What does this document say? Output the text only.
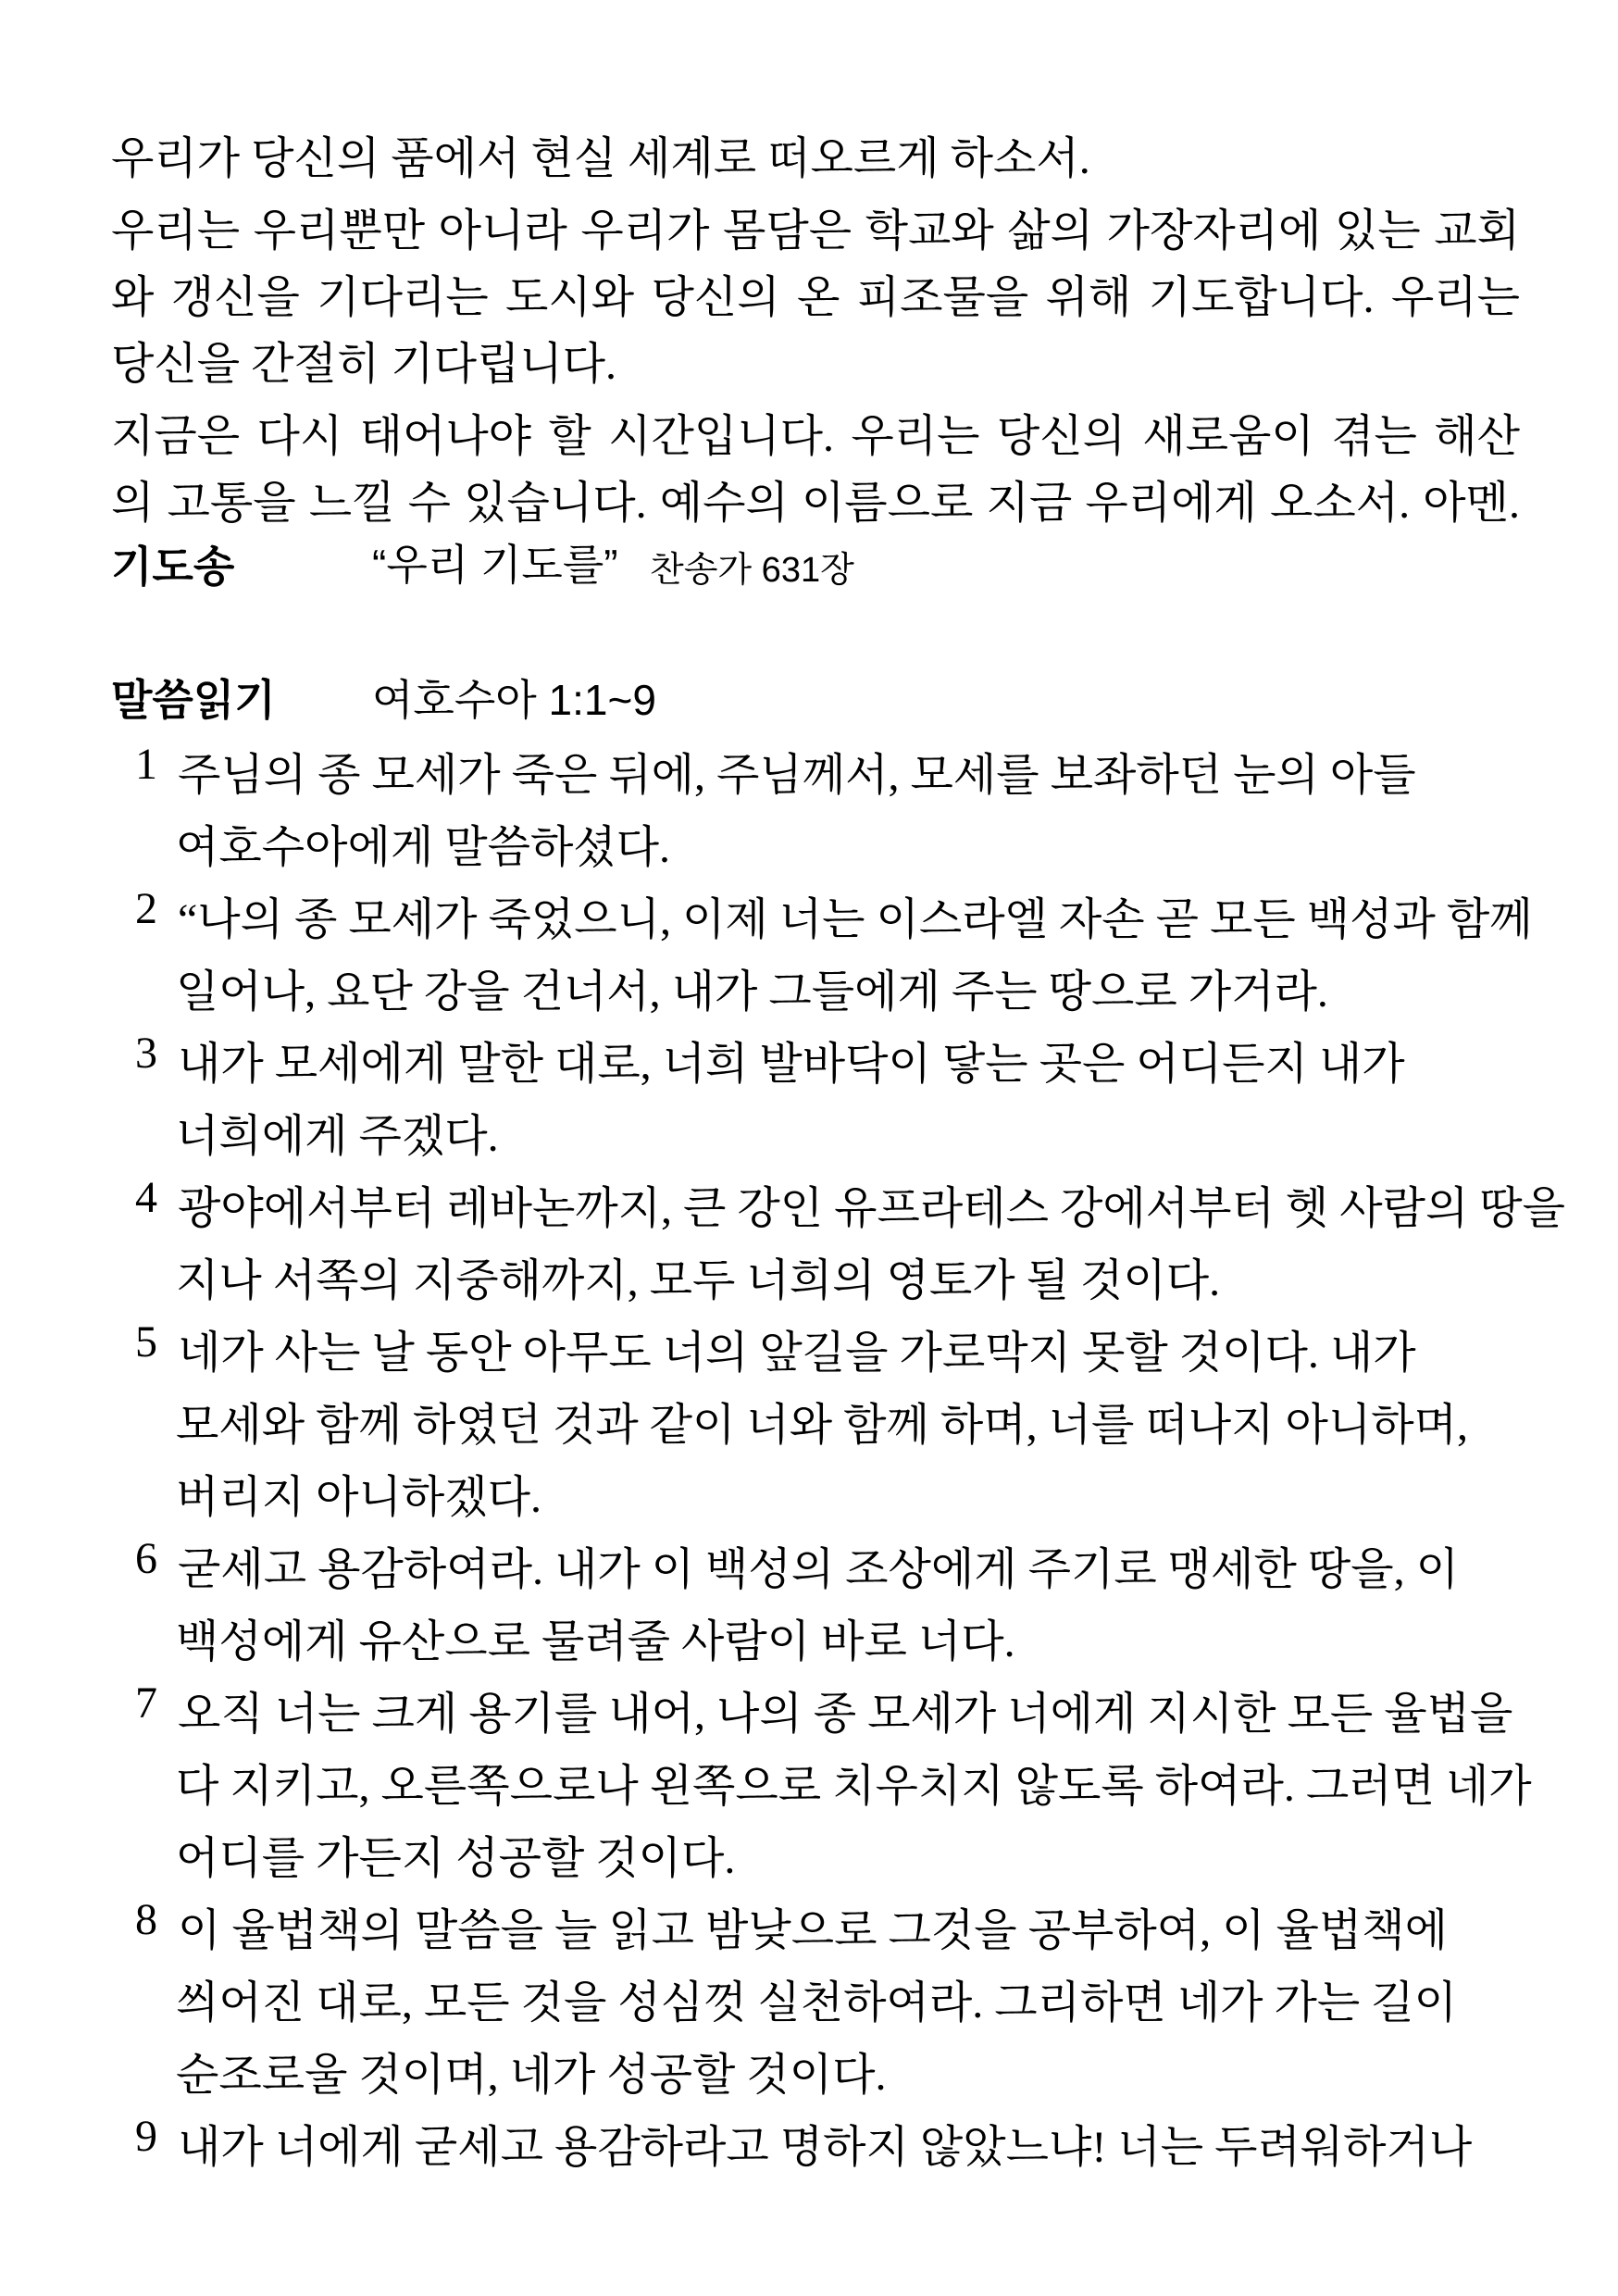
우리가 당신의 품에서 현실 세계로 떠오르게 하소서.
우리는 우리뿐만 아니라 우리가 몸담은 학교와 삶의 가장자리에 있는 교회
와 갱신을 기다리는 도시와 당신의 온 피조물을 위해 기도합니다. 우리는
당신을 간절히 기다립니다.
지금은 다시 태어나야 할 시간입니다. 우리는 당신의 새로움이 겪는 해산
의 고통을 느낄 수 있습니다. 예수의 이름으로 지금 우리에게 오소서. 아멘.
기도송	“우리 기도를” 찬송가 631장
말씀읽기 여호수아 1:1~9
1 주님의 종 모세가 죽은 뒤에, 주님께서, 모세를 보좌하던 눈의 아들
여호수아에게 말씀하셨다.
2 “나의 종 모세가 죽었으니, 이제 너는 이스라엘 자손 곧 모든 백성과 함께
일어나, 요단 강을 건너서, 내가 그들에게 주는 땅으로 가거라.
3 내가 모세에게 말한 대로, 너희 발바닥이 닿는 곳은 어디든지 내가
너희에게 주겠다.
4 광야에서부터 레바논까지, 큰 강인 유프라테스 강에서부터 헷 사람의 땅을
지나 서쪽의 지중해까지, 모두 너희의 영토가 될 것이다.
5 네가 사는 날 동안 아무도 너의 앞길을 가로막지 못할 것이다. 내가
모세와 함께 하였던 것과 같이 너와 함께 하며, 너를 떠나지 아니하며,
버리지 아니하겠다.
6 굳세고 용감하여라. 내가 이 백성의 조상에게 주기로 맹세한 땅을, 이
백성에게 유산으로 물려줄 사람이 바로 너다.
7 오직 너는 크게 용기를 내어, 나의 종 모세가 너에게 지시한 모든 율법을
다 지키고, 오른쪽으로나 왼쪽으로 치우치지 않도록 하여라. 그러면 네가
어디를 가든지 성공할 것이다.
8 이 율법책의 말씀을 늘 읽고 밤낮으로 그것을 공부하여, 이 율법책에
씌어진 대로, 모든 것을 성심껏 실천하여라. 그리하면 네가 가는 길이
순조로울 것이며, 네가 성공할 것이다.
9 내가 너에게 굳세고 용감하라고 명하지 않았느냐! 너는 두려워하거나
